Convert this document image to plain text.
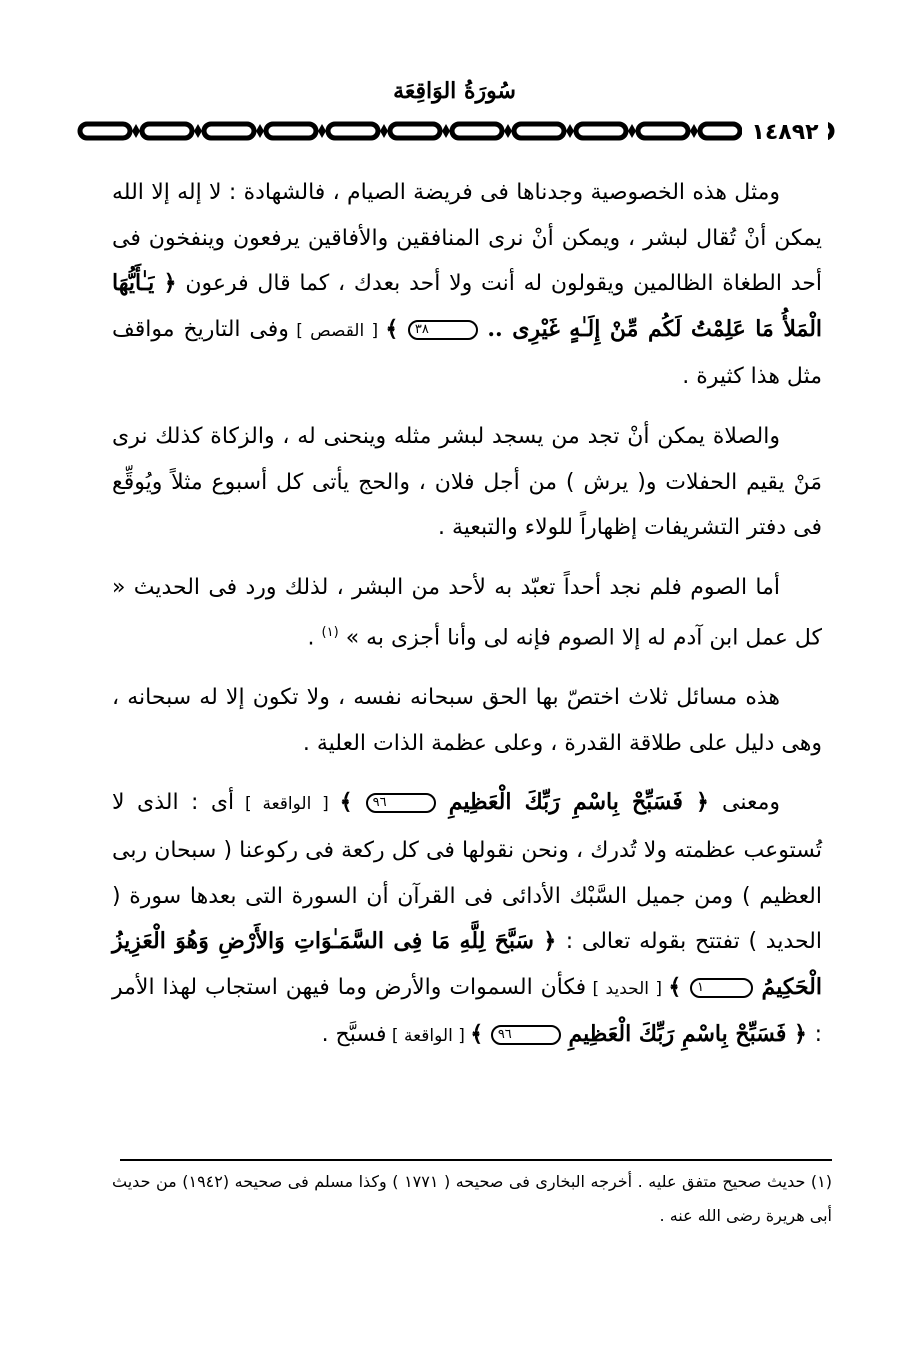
سُورَةُ الوَاقِعَة
١٤٨٩٢

ومثل هذه الخصوصية وجدناها فى فريضة الصيام ، فالشهادة : لا إله إلا الله يمكن أنْ تُقال لبشر ، ويمكن أنْ نرى المنافقين والأفاقين يرفعون وينفخون فى أحد الطغاة الظالمين ويقولون له أنت ولا أحد بعدك ، كما قال فرعون ﴿ يَـٰأَيُّهَا الْمَلأُ مَا عَلِمْتُ لَكُم مِّنْ إِلَـٰهٍ غَيْرِى .. ٣٨ ﴾ [ القصص ] وفى التاريخ مواقف مثل هذا كثيرة .

والصلاة يمكن أنْ تجد من يسجد لبشر مثله وينحنى له ، والزكاة كذلك نرى مَنْ يقيم الحفلات و( يرش ) من أجل فلان ، والحج يأتى كل أسبوع مثلاً ويُوقِّع فى دفتر التشريفات إظهاراً للولاء والتبعية .

أما الصوم فلم نجد أحداً تعبّد به لأحد من البشر ، لذلك ورد فى الحديث « كل عمل ابن آدم له إلا الصوم فإنه لى وأنا أجزى به » $^{(١)}$ .

هذه مسائل ثلاث اختصّ بها الحق سبحانه نفسه ، ولا تكون إلا له سبحانه ، وهى دليل على طلاقة القدرة ، وعلى عظمة الذات العلية .

ومعنى ﴿ فَسَبِّحْ بِاسْمِ رَبِّكَ الْعَظِيمِ ٩٦ ﴾ [ الواقعة ] أى : الذى لا تُستوعب عظمته ولا تُدرك ، ونحن نقولها فى كل ركعة فى ركوعنا ( سبحان ربى العظيم ) ومن جميل السَّبْك الأدائى فى القرآن أن السورة التى بعدها سورة ( الحديد ) تفتتح بقوله تعالى : ﴿ سَبَّحَ لِلَّهِ مَا فِى السَّمَـٰوَاتِ وَالأَرْضِ وَهُوَ الْعَزِيزُ الْحَكِيمُ ١ ﴾ [ الحديد ] فكأن السموات والأرض وما فيهن استجاب لهذا الأمر : ﴿ فَسَبِّحْ بِاسْمِ رَبِّكَ الْعَظِيمِ ٩٦ ﴾ [ الواقعة ] فسبَّح .

(١) حديث صحيح متفق عليه . أخرجه البخارى فى صحيحه ( ١٧٧١ ) وكذا مسلم فى صحيحه (١٩٤٢) من حديث أبى هريرة رضى الله عنه .
